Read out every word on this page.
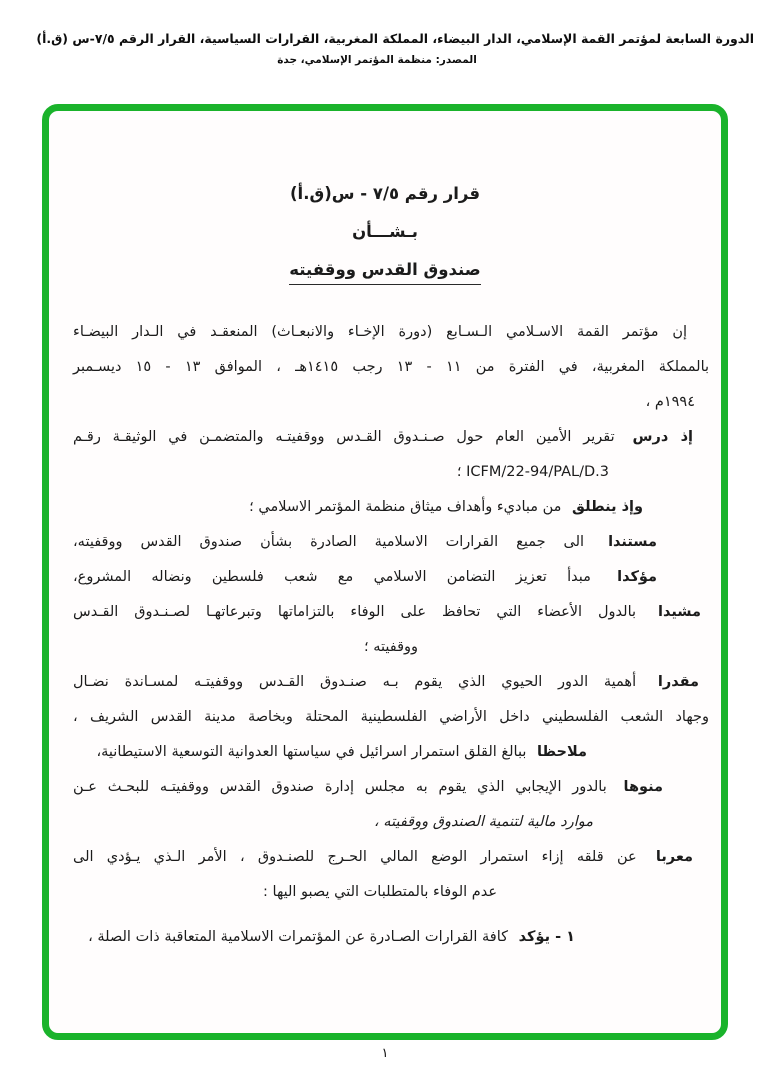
الدورة السابعة لمؤتمر القمة الإسلامي، الدار البيضاء، المملكة المغربية، القرارات السياسية، القرار الرقم ٧/٥-س (ق.أ)
المصدر: منظمة المؤتمر الإسلامي، جدة
قرار رقم ٧/٥ - س(ق.أ)
بـشـــأن
صندوق القدس ووقفيته
إن مؤتمر القمة الاسـلامي الـسـابع (دورة الإخـاء والانبعـاث) المنعقـد في الـدار البيضـاء
بالمملكة المغربية، في الفترة من ١١ - ١٣ رجب ١٤١٥هـ ، الموافق ١٣ - ١٥ ديسـمبر
١٩٩٤م ،
إذ درس تقرير الأمين العام حول صـنـدوق القـدس ووقفيتـه والمتضمـن في الوثيقـة رقـم
ICFM/22-94/PAL/D.3 ؛
وإذ ينطلق من مباديء وأهداف ميثاق منظمة المؤتمر الاسلامي ؛
مستندا الى جميع القرارات الاسلامية الصادرة بشأن صندوق القدس ووقفيته،
مؤكدا مبدأ تعزيز التضامن الاسلامي مع شعب فلسطين ونضاله المشروع،
مشيدا بالدول الأعضاء التي تحافظ على الوفاء بالتزاماتها وتبرعاتهـا لصـنـدوق القـدس
ووقفيته ؛
مقدرا أهمية الدور الحيوي الذي يقوم بـه صنـدوق القـدس ووقفيتـه لمسـاندة نضـال
وجهاد الشعب الفلسطيني داخل الأراضي الفلسطينية المحتلة وبخاصة مدينة القدس الشريف ،
ملاحظا ببالغ القلق استمرار اسرائيل في سياستها العدوانية التوسعية الاستيطانية،
منوها بالدور الإيجابي الذي يقوم به مجلس إدارة صندوق القدس ووقفيتـه للبحـث عـن
موارد مالية لتنمية الصندوق ووقفيته ،
معربا عن قلقه إزاء استمرار الوضع المالي الحـرج للصنـدوق ، الأمر الـذي يـؤدي الى
عدم الوفاء بالمتطلبات التي يصبو اليها :
١ - يؤكد كافة القرارات الصـادرة عن المؤتمرات الاسلامية المتعاقبة ذات الصلة ،
١
